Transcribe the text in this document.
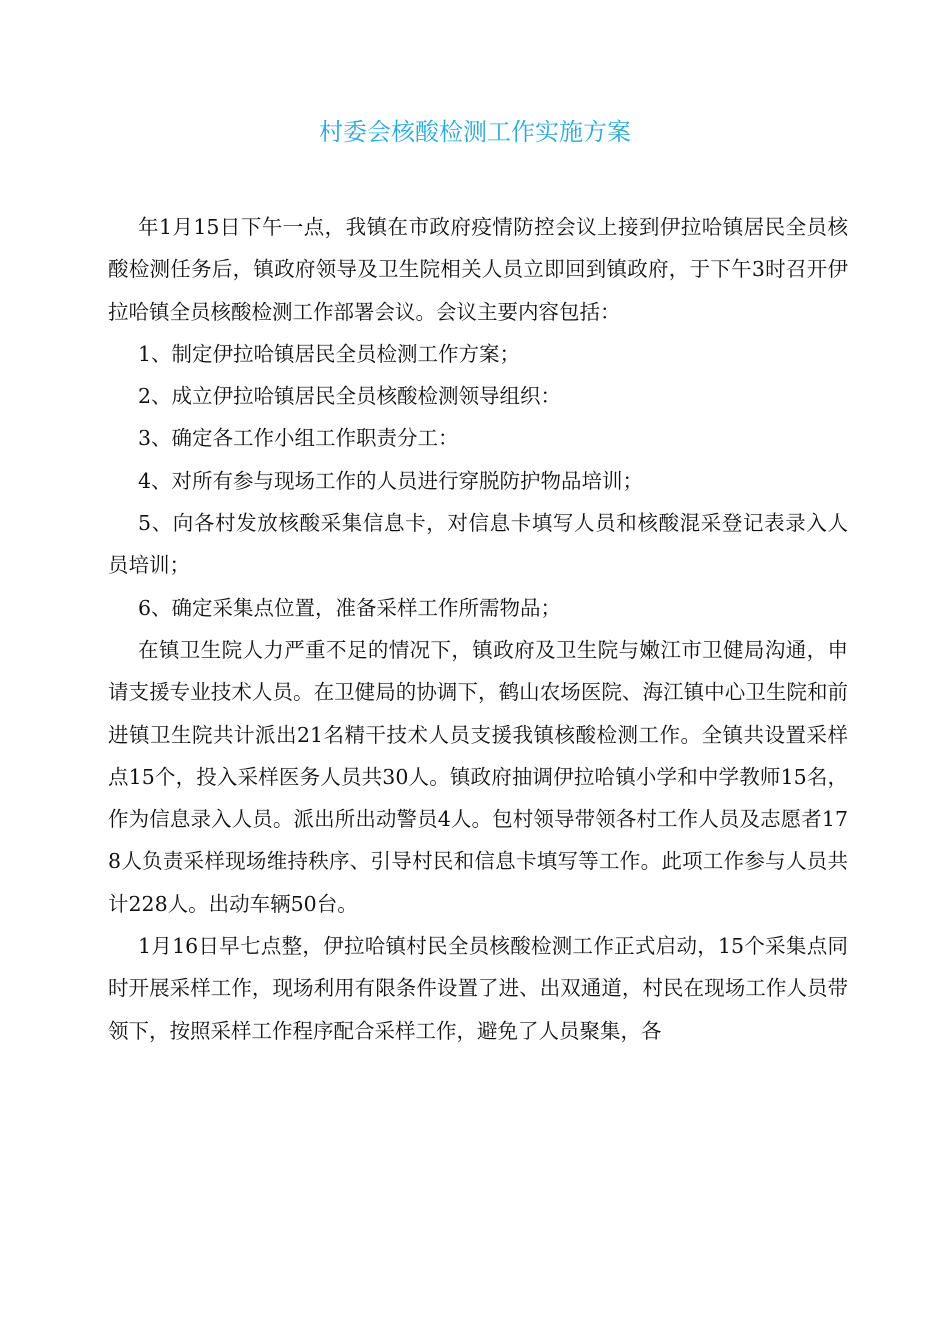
村委会核酸检测工作实施方案

年1月15日下午一点，我镇在市政府疫情防控会议上接到伊拉哈镇居民全员核酸检测任务后，镇政府领导及卫生院相关人员立即回到镇政府，于下午3时召开伊拉哈镇全员核酸检测工作部署会议。会议主要内容包括：

1、制定伊拉哈镇居民全员检测工作方案；

2、成立伊拉哈镇居民全员核酸检测领导组织：

3、确定各工作小组工作职责分工：

4、对所有参与现场工作的人员进行穿脱防护物品培训；

5、向各村发放核酸采集信息卡，对信息卡填写人员和核酸混采登记表录入人员培训；

6、确定采集点位置，准备采样工作所需物品；

在镇卫生院人力严重不足的情况下，镇政府及卫生院与嫩江市卫健局沟通，申请支援专业技术人员。在卫健局的协调下，鹤山农场医院、海江镇中心卫生院和前进镇卫生院共计派出21名精干技术人员支援我镇核酸检测工作。全镇共设置采样点15个，投入采样医务人员共30人。镇政府抽调伊拉哈镇小学和中学教师15名，作为信息录入人员。派出所出动警员4人。包村领导带领各村工作人员及志愿者178人负责采样现场维持秩序、引导村民和信息卡填写等工作。此项工作参与人员共计228人。出动车辆50台。

1月16日早七点整，伊拉哈镇村民全员核酸检测工作正式启动，15个采集点同时开展采样工作，现场利用有限条件设置了进、出双通道，村民在现场工作人员带领下，按照采样工作程序配合采样工作，避免了人员聚集，各
